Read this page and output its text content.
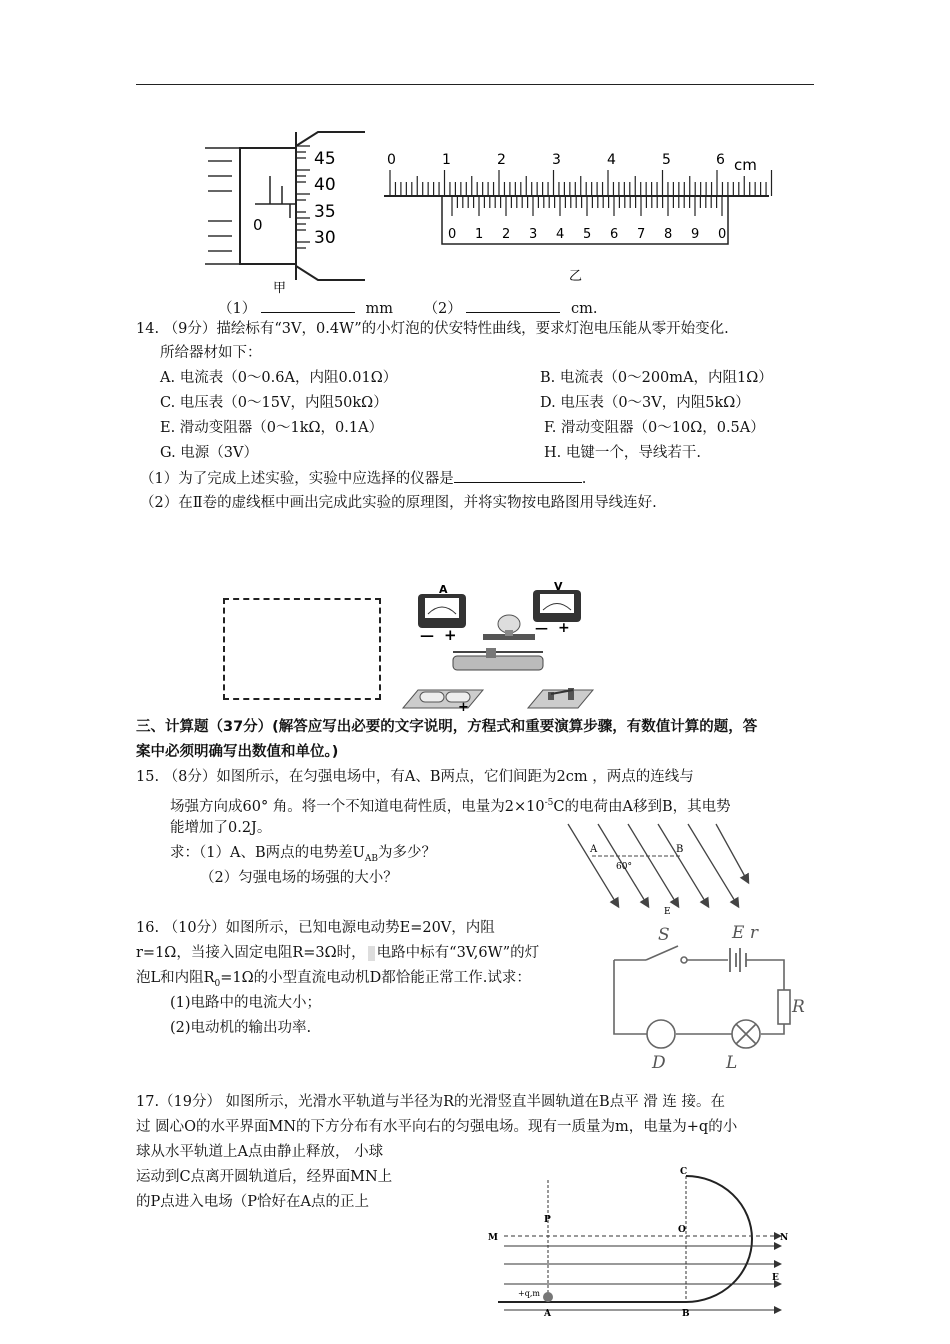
45
40
35
30
0
甲
0	1	2	3	4	5	6 cm
0 1 2 3 4 5 6 7 8 9 0
乙
（1）	mm （2）	cm.
14. （9分）描绘标有“3V，0.4W”的小灯泡的伏安特性曲线，要求灯泡电压能从零开始变化.
所给器材如下：
A. 电流表（0～0.6A，内阻0.01Ω）	B. 电流表（0～200mA，内阻1Ω）
C. 电压表（0～15V，内阻50kΩ）	D. 电压表（0～3V，内阻5kΩ）
E. 滑动变阻器（0～1kΩ，0.1A）	F. 滑动变阻器（0～10Ω，0.5A）
G. 电源（3V）	H. 电键一个，导线若干.
（1）为了完成上述实验，实验中应选择的仪器是	.
（2）在Ⅱ卷的虚线框中画出完成此实验的原理图，并将实物按电路图用导线连好.
A
— +
V
— +
+
三、计算题（37分）(解答应写出必要的文字说明，方程式和重要演算步骤，有数值计算的题，答
案中必须明确写出数值和单位。)
15. （8分）如图所示，在匀强电场中，有A、B两点，它们间距为2cm ，两点的连线与
场强方向成60° 角。将一个不知道电荷性质，电量为$2\times 10^{-5}C$的电荷由A移到B，其电势
能增加了0.2J。
求：（1）A、B两点的电势差$U_{AB}$为多少？
（2）匀强电场的场强的大小？
A	B
60°
E
16. （10分）如图所示，已知电源电动势E=20V，内阻
r=1Ω，当接入固定电阻R=3Ω时， 电路中标有“3V,6W”的灯
泡L和内阻$R_0=1\Omega$的小型直流电动机D都恰能正常工作.试求：
(1)电路中的电流大小；
(2)电动机的输出功率.
S	E r
R
D	L
17.（19分） 如图所示，光滑水平轨道与半径为R的光滑竖直半圆轨道在B点平 滑 连 接。在
过 圆心O的水平界面MN的下方分布有水平向右的匀强电场。现有一质量为m，电量为+q的小
球从水平轨道上A点由静止释放， 小球
运动到C点离开圆轨道后，经界面MN上
的P点进入电场（P恰好在A点的正上
C
P
O
M	N
E
+q,m
A	B
